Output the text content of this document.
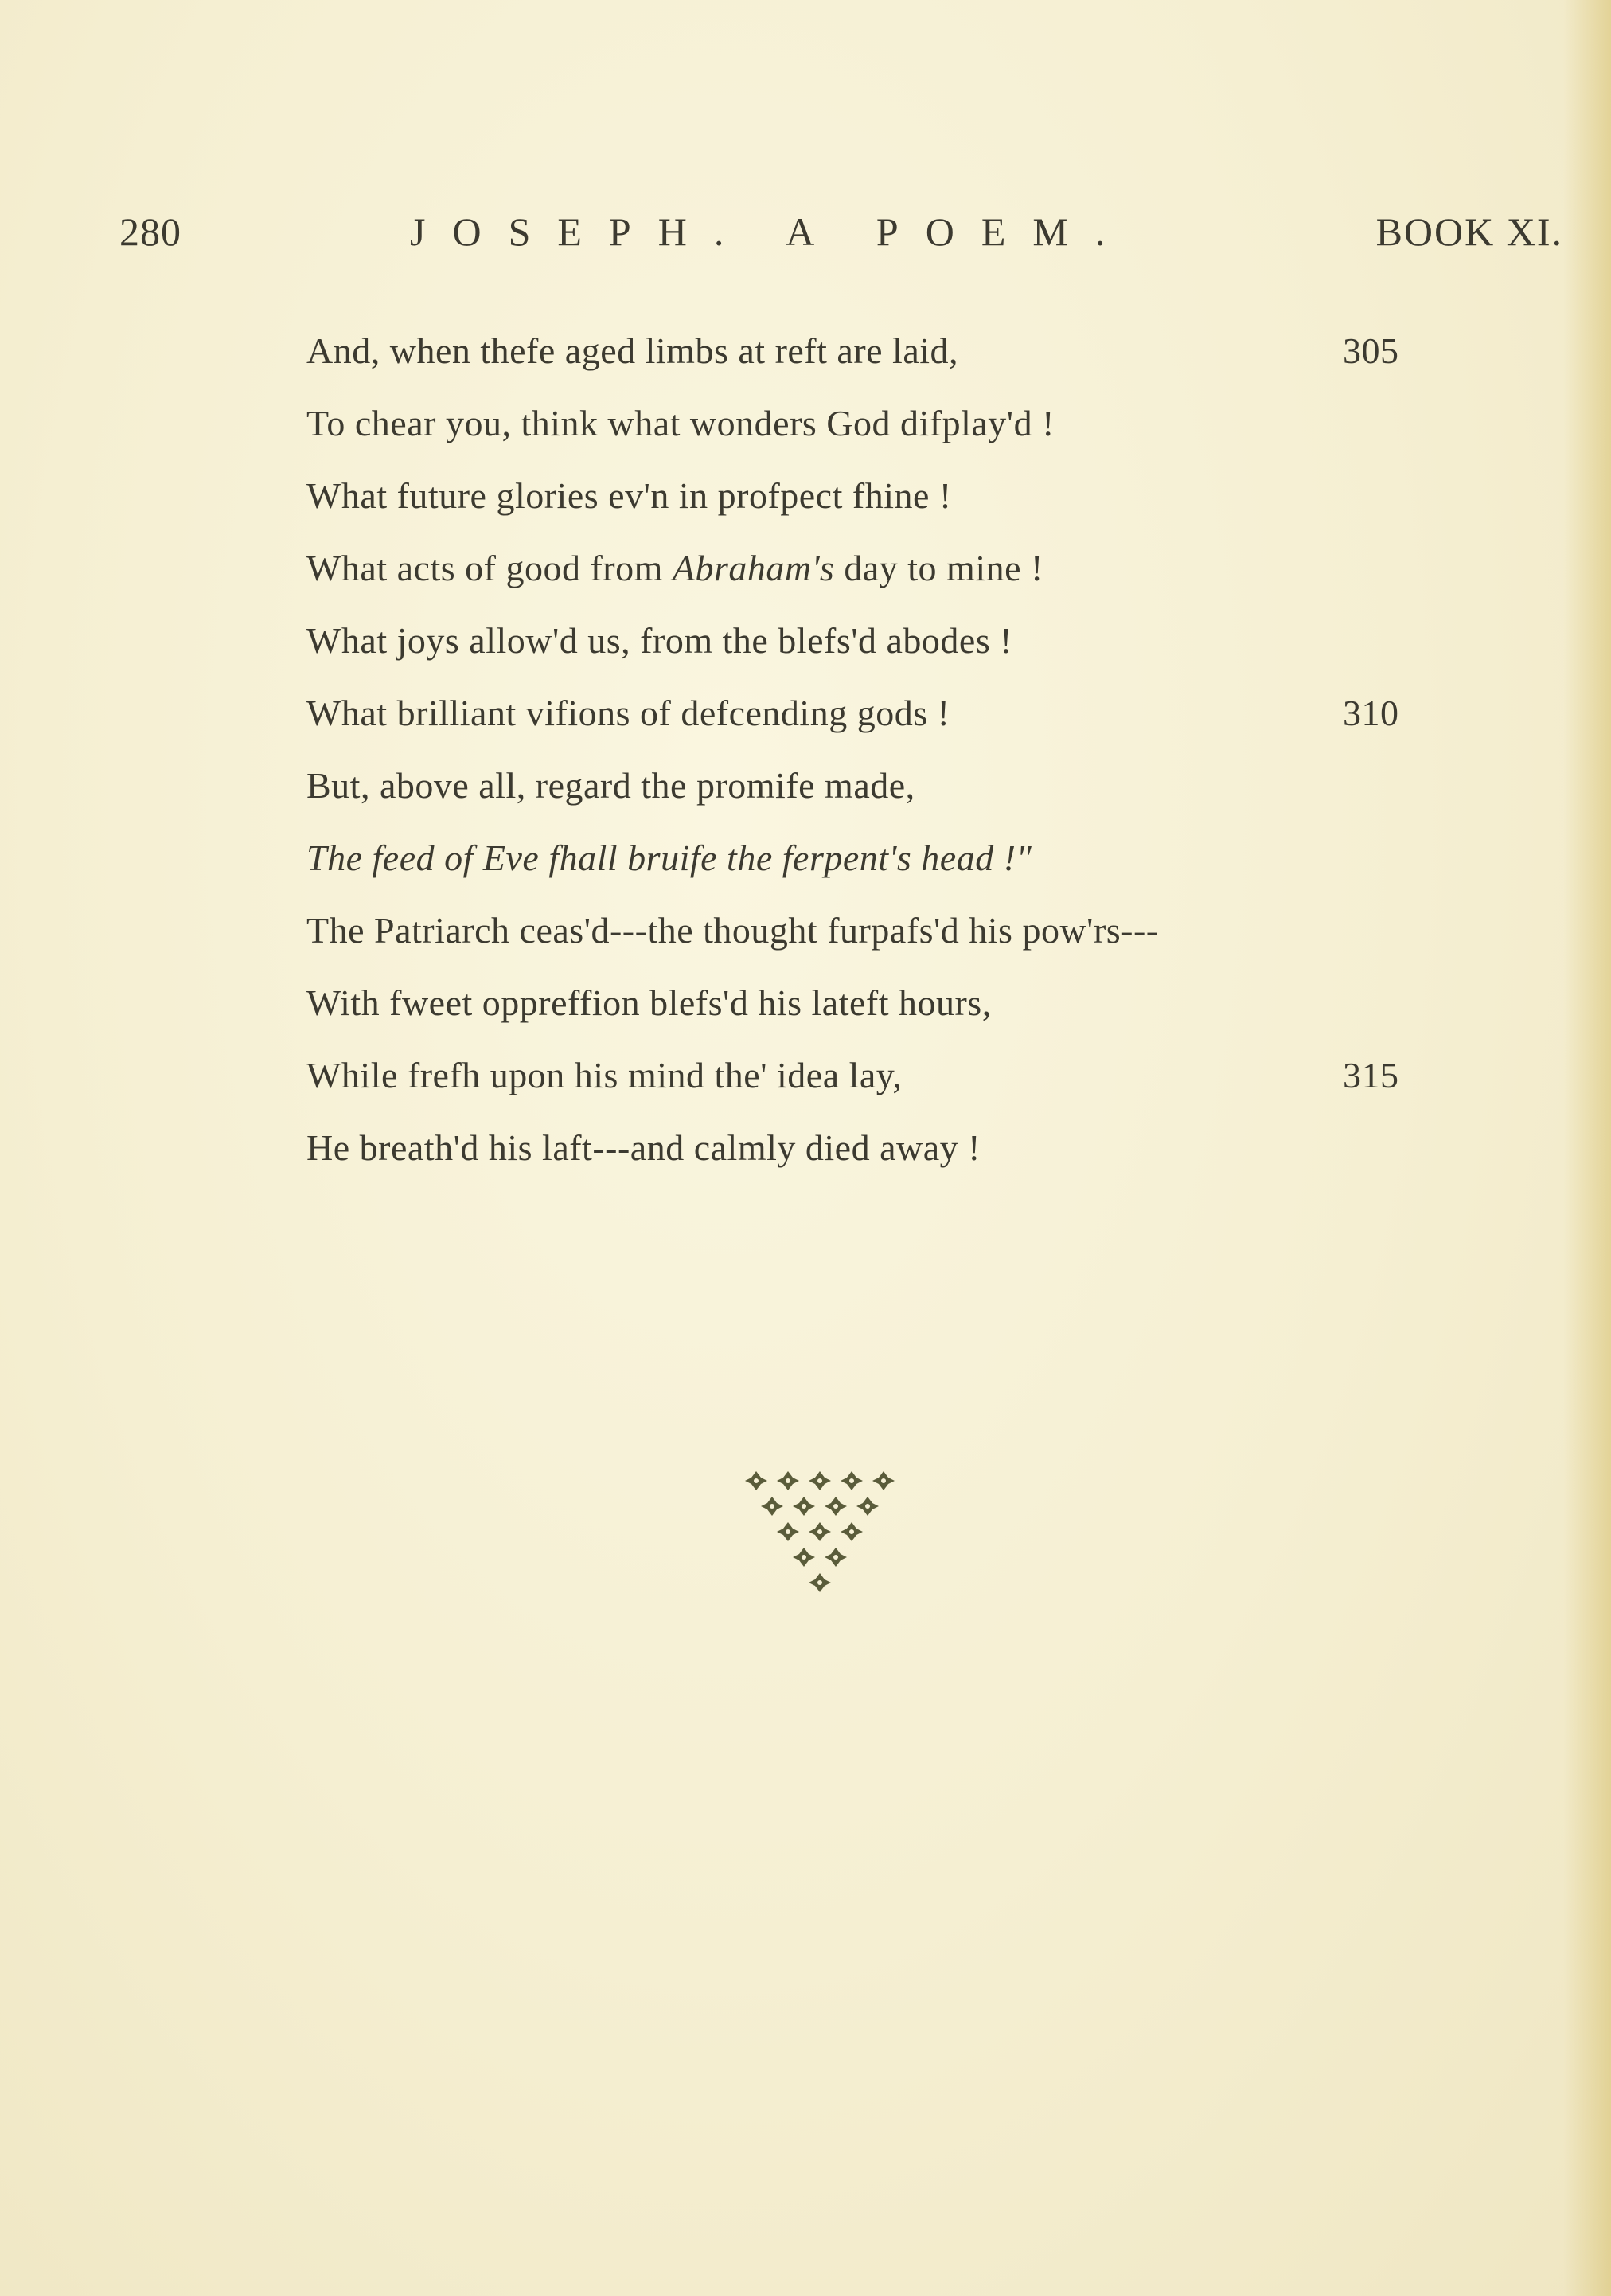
280	JOSEPH. A POEM.	BOOK XI.
And, when thefe aged limbs at reft are laid,	305
To chear you, think what wonders God difplay'd !
What future glories ev'n in profpect fhine !
What acts of good from Abraham's day to mine !
What joys allow'd us, from the blefs'd abodes !
What brilliant vifions of defcending gods !	310
But, above all, regard the promife made,
The feed of Eve fhall bruife the ferpent's head !"
The Patriarch ceas'd---the thought furpafs'd his pow'rs---
With fweet oppreffion blefs'd his lateft hours,
While frefh upon his mind the' idea lay,	315
He breath'd his laft---and calmly died away !
